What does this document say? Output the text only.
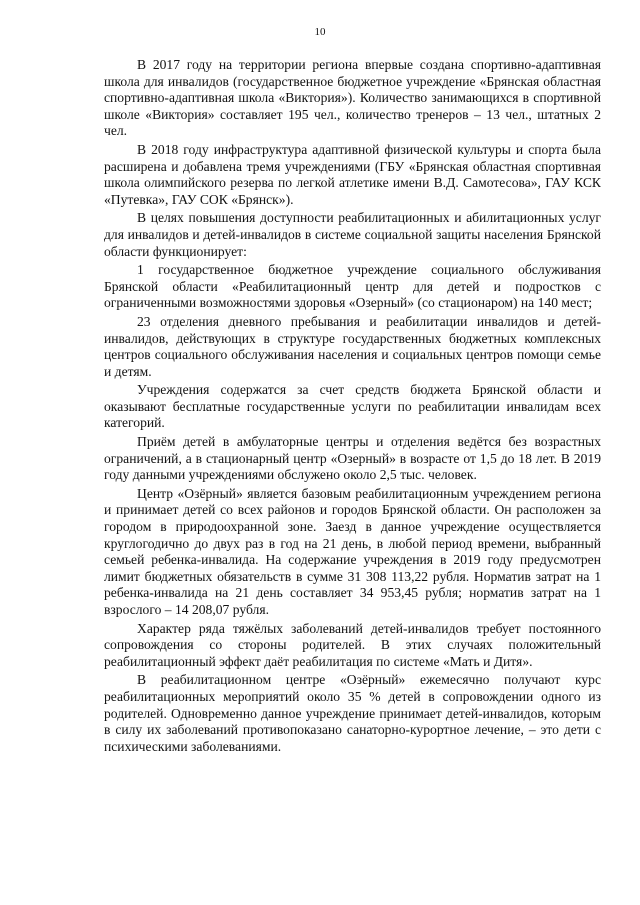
10

В 2017 году на территории региона впервые создана спортивно-адаптивная школа для инвалидов (государственное бюджетное учреждение «Брянская областная спортивно-адаптивная школа «Виктория»). Количество занимающихся в спортивной школе «Виктория» составляет 195 чел., количество тренеров – 13 чел., штатных 2 чел.

В 2018 году инфраструктура адаптивной физической культуры и спорта была расширена и добавлена тремя учреждениями (ГБУ «Брянская областная спортивная школа олимпийского резерва по легкой атлетике имени В.Д. Самотесова», ГАУ КСК «Путевка», ГАУ СОК «Брянск»).

В целях повышения доступности реабилитационных и абилитационных услуг для инвалидов и детей-инвалидов в системе социальной защиты населения Брянской области функционирует:

1 государственное бюджетное учреждение социального обслуживания Брянской области «Реабилитационный центр для детей и подростков с ограниченными возможностями здоровья «Озерный» (со стационаром) на 140 мест;

23 отделения дневного пребывания и реабилитации инвалидов и детей-инвалидов, действующих в структуре государственных бюджетных комплексных центров социального обслуживания населения и социальных центров помощи семье и детям.

Учреждения содержатся за счет средств бюджета Брянской области и оказывают бесплатные государственные услуги по реабилитации инвалидам всех категорий.

Приём детей в амбулаторные центры и отделения ведётся без возрастных ограничений, а в стационарный центр «Озерный» в возрасте от 1,5 до 18 лет. В 2019 году данными учреждениями обслужено около 2,5 тыс. человек.

Центр «Озёрный» является базовым реабилитационным учреждением региона и принимает детей со всех районов и городов Брянской области. Он расположен за городом в природоохранной зоне. Заезд в данное учреждение осуществляется круглогодично до двух раз в год на 21 день, в любой период времени, выбранный семьей ребенка-инвалида. На содержание учреждения в 2019 году предусмотрен лимит бюджетных обязательств в сумме 31 308 113,22 рубля. Норматив затрат на 1 ребенка-инвалида на 21 день составляет 34 953,45 рубля; норматив затрат на 1 взрослого – 14 208,07 рубля.

Характер ряда тяжёлых заболеваний детей-инвалидов требует постоянного сопровождения со стороны родителей. В этих случаях положительный реабилитационный эффект даёт реабилитация по системе «Мать и Дитя».

В реабилитационном центре «Озёрный» ежемесячно получают курс реабилитационных мероприятий около 35 % детей в сопровождении одного из родителей. Одновременно данное учреждение принимает детей-инвалидов, которым в силу их заболеваний противопоказано санаторно-курортное лечение, – это дети с психическими заболеваниями.
